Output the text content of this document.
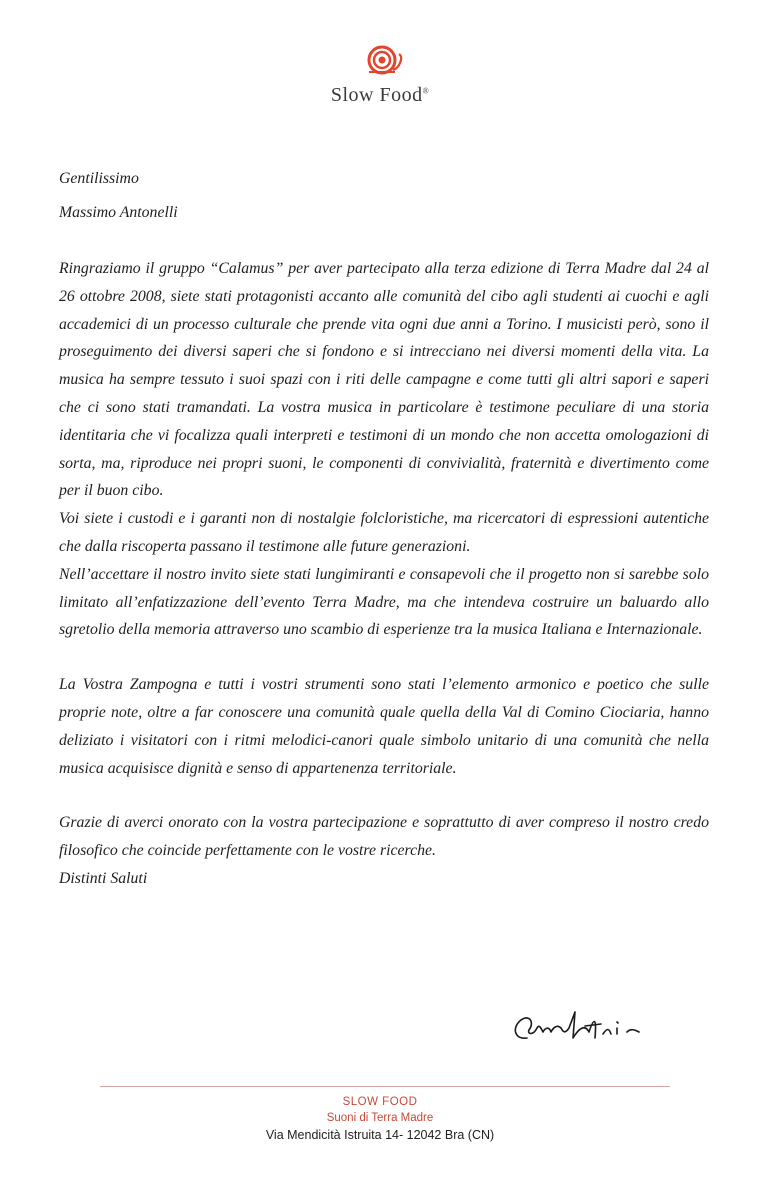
Slow Food®
Gentilissimo
Massimo Antonelli

Ringraziamo il gruppo “Calamus” per aver partecipato alla terza edizione di Terra Madre dal 24 al 26 ottobre 2008, siete stati protagonisti accanto alle comunità del cibo agli studenti ai cuochi e agli accademici di un processo culturale che prende vita ogni due anni a Torino. I musicisti però, sono il proseguimento dei diversi saperi che si fondono e si intrecciano nei diversi momenti della vita. La musica ha sempre tessuto i suoi spazi con i riti delle campagne e come tutti gli altri sapori e saperi che ci sono stati tramandati. La vostra musica in particolare è testimone peculiare di una storia identitaria che vi focalizza quali interpreti e testimoni di un mondo che non accetta omologazioni di sorta, ma, riproduce nei propri suoni, le componenti di convivialità, fraternità e divertimento come per il buon cibo.

Voi siete i custodi e i garanti non di nostalgie folcloristiche, ma ricercatori di espressioni autentiche che dalla riscoperta passano il testimone alle future generazioni.

Nell’accettare il nostro invito siete stati lungimiranti e consapevoli che il progetto non si sarebbe solo limitato all’enfatizzazione dell’evento Terra Madre, ma che intendeva costruire un baluardo allo sgretolio della memoria attraverso uno scambio di esperienze tra la musica Italiana e Internazionale.

La Vostra Zampogna e tutti i vostri strumenti sono stati l’elemento armonico e poetico che sulle proprie note, oltre a far conoscere una comunità quale quella della Val di Comino Ciociaria, hanno deliziato i visitatori con i ritmi melodici-canori quale simbolo unitario di una comunità che nella musica acquisisce dignità e senso di appartenenza territoriale.

Grazie di averci onorato con la vostra partecipazione e soprattutto di aver compreso il nostro credo filosofico che coincide perfettamente con le vostre ricerche.

Distinti Saluti

SLOW FOOD
Suoni di Terra Madre
Via Mendicità Istruita 14- 12042 Bra (CN)
